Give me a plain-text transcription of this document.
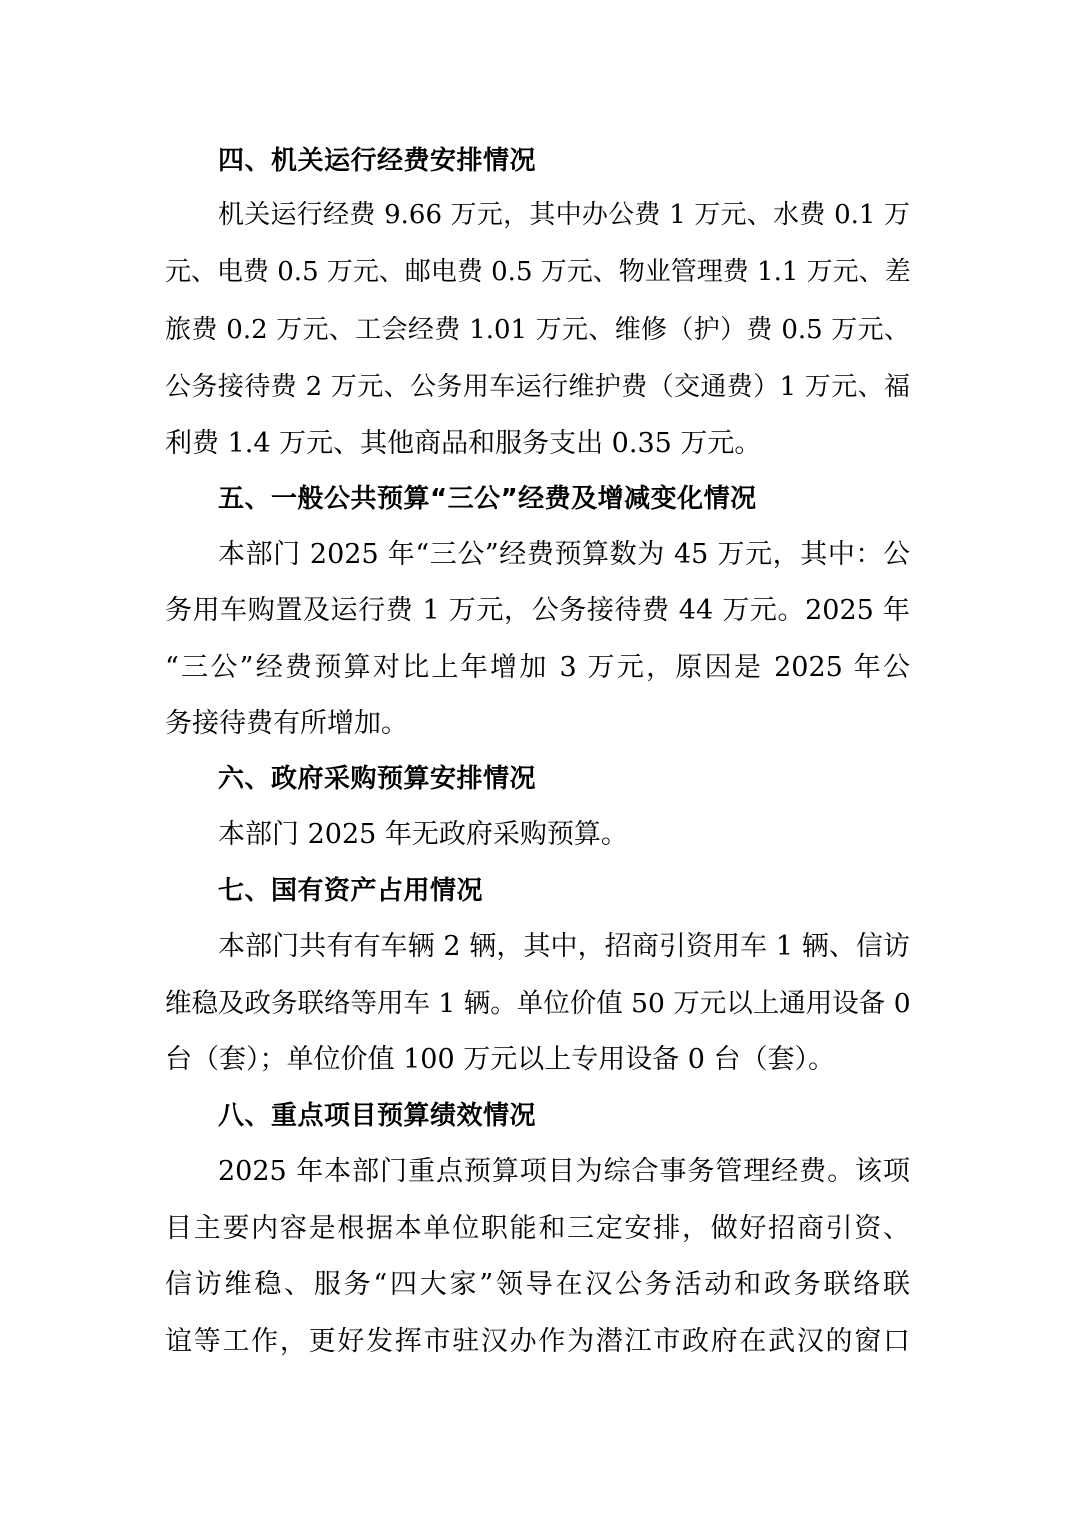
四、机关运行经费安排情况
机关运行经费 9.66 万元，其中办公费 1 万元、水费 0.1 万
元、电费 0.5 万元、邮电费 0.5 万元、物业管理费 1.1 万元、差
旅费 0.2 万元、工会经费 1.01 万元、维修（护）费 0.5 万元、
公务接待费 2 万元、公务用车运行维护费（交通费）1 万元、福
利费 1.4 万元、其他商品和服务支出 0.35 万元。
五、一般公共预算“三公”经费及增减变化情况
本部门 2025 年“三公”经费预算数为 45 万元，其中：公
务用车购置及运行费 1 万元，公务接待费 44 万元。2025 年
“三公”经费预算对比上年增加 3 万元，原因是 2025 年公
务接待费有所增加。
六、政府采购预算安排情况
本部门 2025 年无政府采购预算。
七、国有资产占用情况
本部门共有有车辆 2 辆，其中，招商引资用车 1 辆、信访
维稳及政务联络等用车 1 辆。单位价值 50 万元以上通用设备 0
台（套）；单位价值 100 万元以上专用设备 0 台（套）。
八、重点项目预算绩效情况
2025 年本部门重点预算项目为综合事务管理经费。该项
目主要内容是根据本单位职能和三定安排，做好招商引资、
信访维稳、服务“四大家”领导在汉公务活动和政务联络联
谊等工作，更好发挥市驻汉办作为潜江市政府在武汉的窗口
